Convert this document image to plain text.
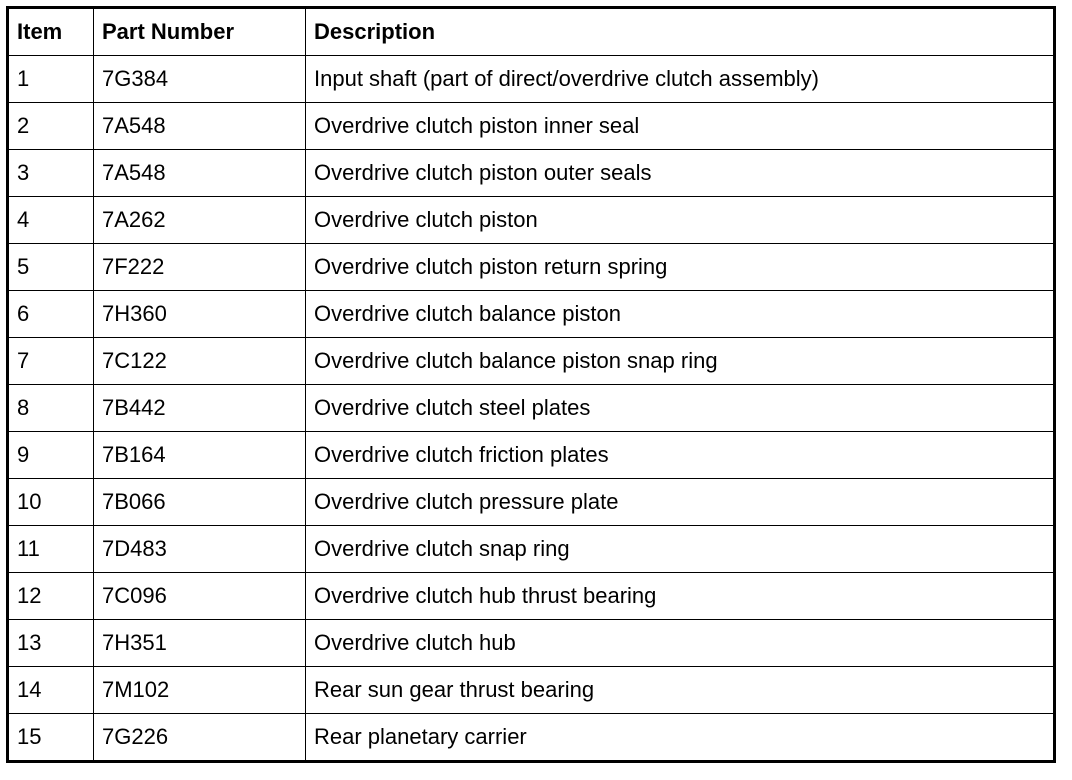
Item	Part Number	Description
1	7G384	Input shaft (part of direct/overdrive clutch assembly)
2	7A548	Overdrive clutch piston inner seal
3	7A548	Overdrive clutch piston outer seals
4	7A262	Overdrive clutch piston
5	7F222	Overdrive clutch piston return spring
6	7H360	Overdrive clutch balance piston
7	7C122	Overdrive clutch balance piston snap ring
8	7B442	Overdrive clutch steel plates
9	7B164	Overdrive clutch friction plates
10	7B066	Overdrive clutch pressure plate
11	7D483	Overdrive clutch snap ring
12	7C096	Overdrive clutch hub thrust bearing
13	7H351	Overdrive clutch hub
14	7M102	Rear sun gear thrust bearing
15	7G226	Rear planetary carrier
